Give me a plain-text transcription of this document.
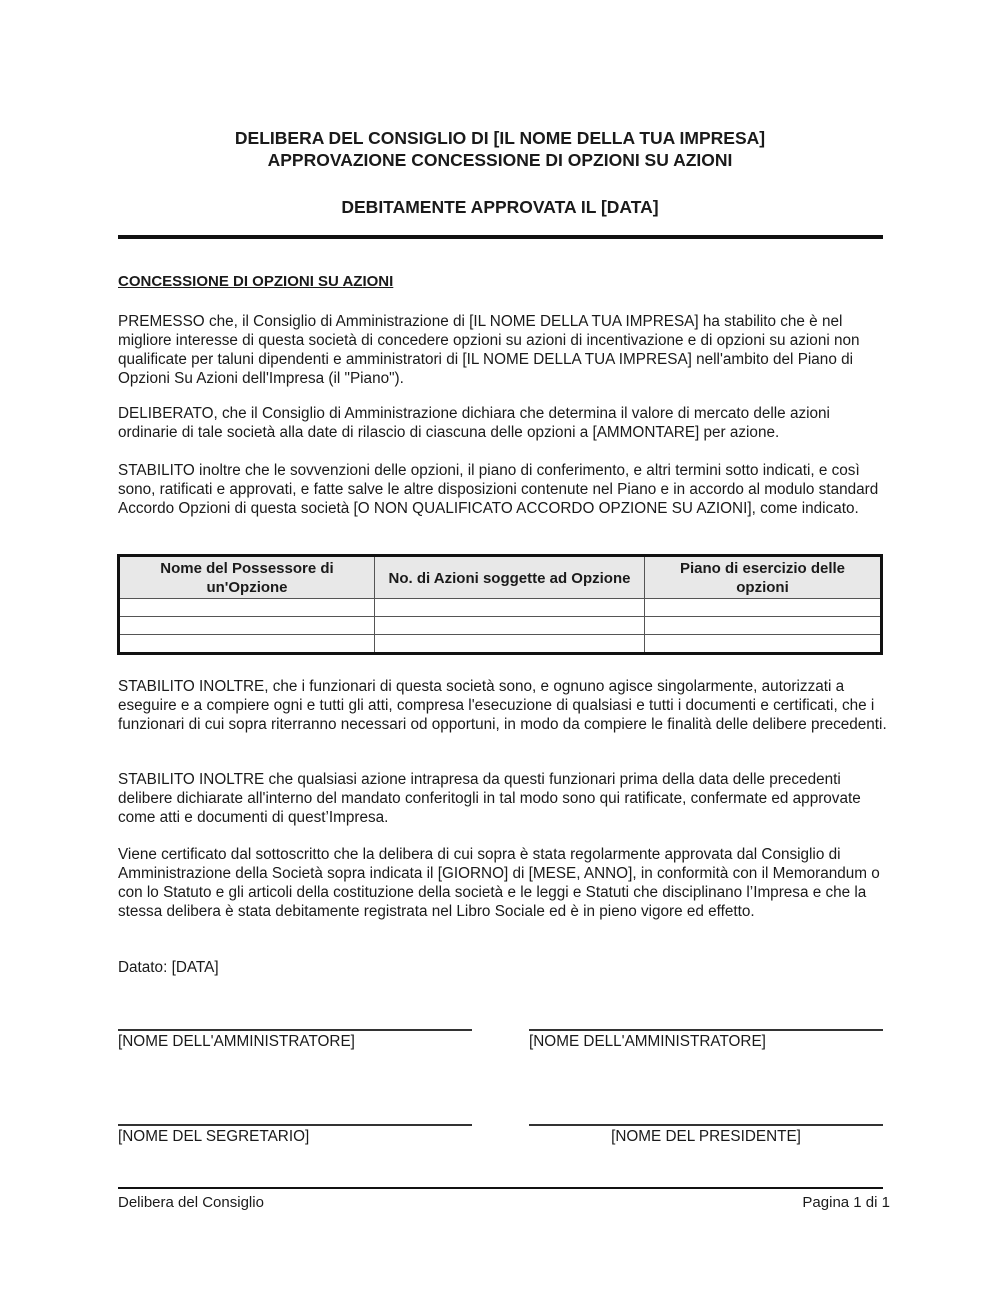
DELIBERA DEL CONSIGLIO DI [IL NOME DELLA TUA IMPRESA]
APPROVAZIONE CONCESSIONE DI OPZIONI SU AZIONI
DEBITAMENTE APPROVATA IL [DATA]
CONCESSIONE DI OPZIONI SU AZIONI

PREMESSO che, il Consiglio di Amministrazione di [IL NOME DELLA TUA IMPRESA] ha stabilito che è nel migliore interesse di questa società di concedere opzioni su azioni di incentivazione e di opzioni su azioni non qualificate per taluni dipendenti e amministratori di [IL NOME DELLA TUA IMPRESA] nell'ambito del Piano di Opzioni Su Azioni dell'Impresa (il "Piano").

DELIBERATO, che il Consiglio di Amministrazione dichiara che determina il valore di mercato delle azioni ordinarie di tale società alla date di rilascio di ciascuna delle opzioni a [AMMONTARE] per azione.

STABILITO inoltre che le sovvenzioni delle opzioni, il piano di conferimento, e altri termini sotto indicati, e così sono, ratificati e approvati, e fatte salve le altre disposizioni contenute nel Piano e in accordo al modulo standard Accordo Opzioni di questa società [O NON QUALIFICATO ACCORDO OPZIONE SU AZIONI], come indicato.

Nome del Possessore di un'Opzione	No. di Azioni soggette ad Opzione	Piano di esercizio delle opzioni

STABILITO INOLTRE, che i funzionari di questa società sono, e ognuno agisce singolarmente, autorizzati a eseguire e a compiere ogni e tutti gli atti, compresa l'esecuzione di qualsiasi e tutti i documenti e certificati, che i funzionari di cui sopra riterranno necessari od opportuni, in modo da compiere le finalità delle delibere precedenti.

STABILITO INOLTRE che qualsiasi azione intrapresa da questi funzionari prima della data delle precedenti delibere dichiarate all'interno del mandato conferitogli in tal modo sono qui ratificate, confermate ed approvate come atti e documenti di quest’Impresa.

Viene certificato dal sottoscritto che la delibera di cui sopra è stata regolarmente approvata dal Consiglio di Amministrazione della Società sopra indicata il [GIORNO] di [MESE, ANNO], in conformità con il Memorandum o con lo Statuto e gli articoli della costituzione della società e le leggi e Statuti che disciplinano l’Impresa e che la stessa delibera è stata debitamente registrata nel Libro Sociale ed è in pieno vigore ed effetto.

Datato: [DATA]

[NOME DELL'AMMINISTRATORE]	[NOME DELL'AMMINISTRATORE]
[NOME DEL SEGRETARIO]	[NOME DEL PRESIDENTE]
Delibera del Consiglio	Pagina 1 di 1
